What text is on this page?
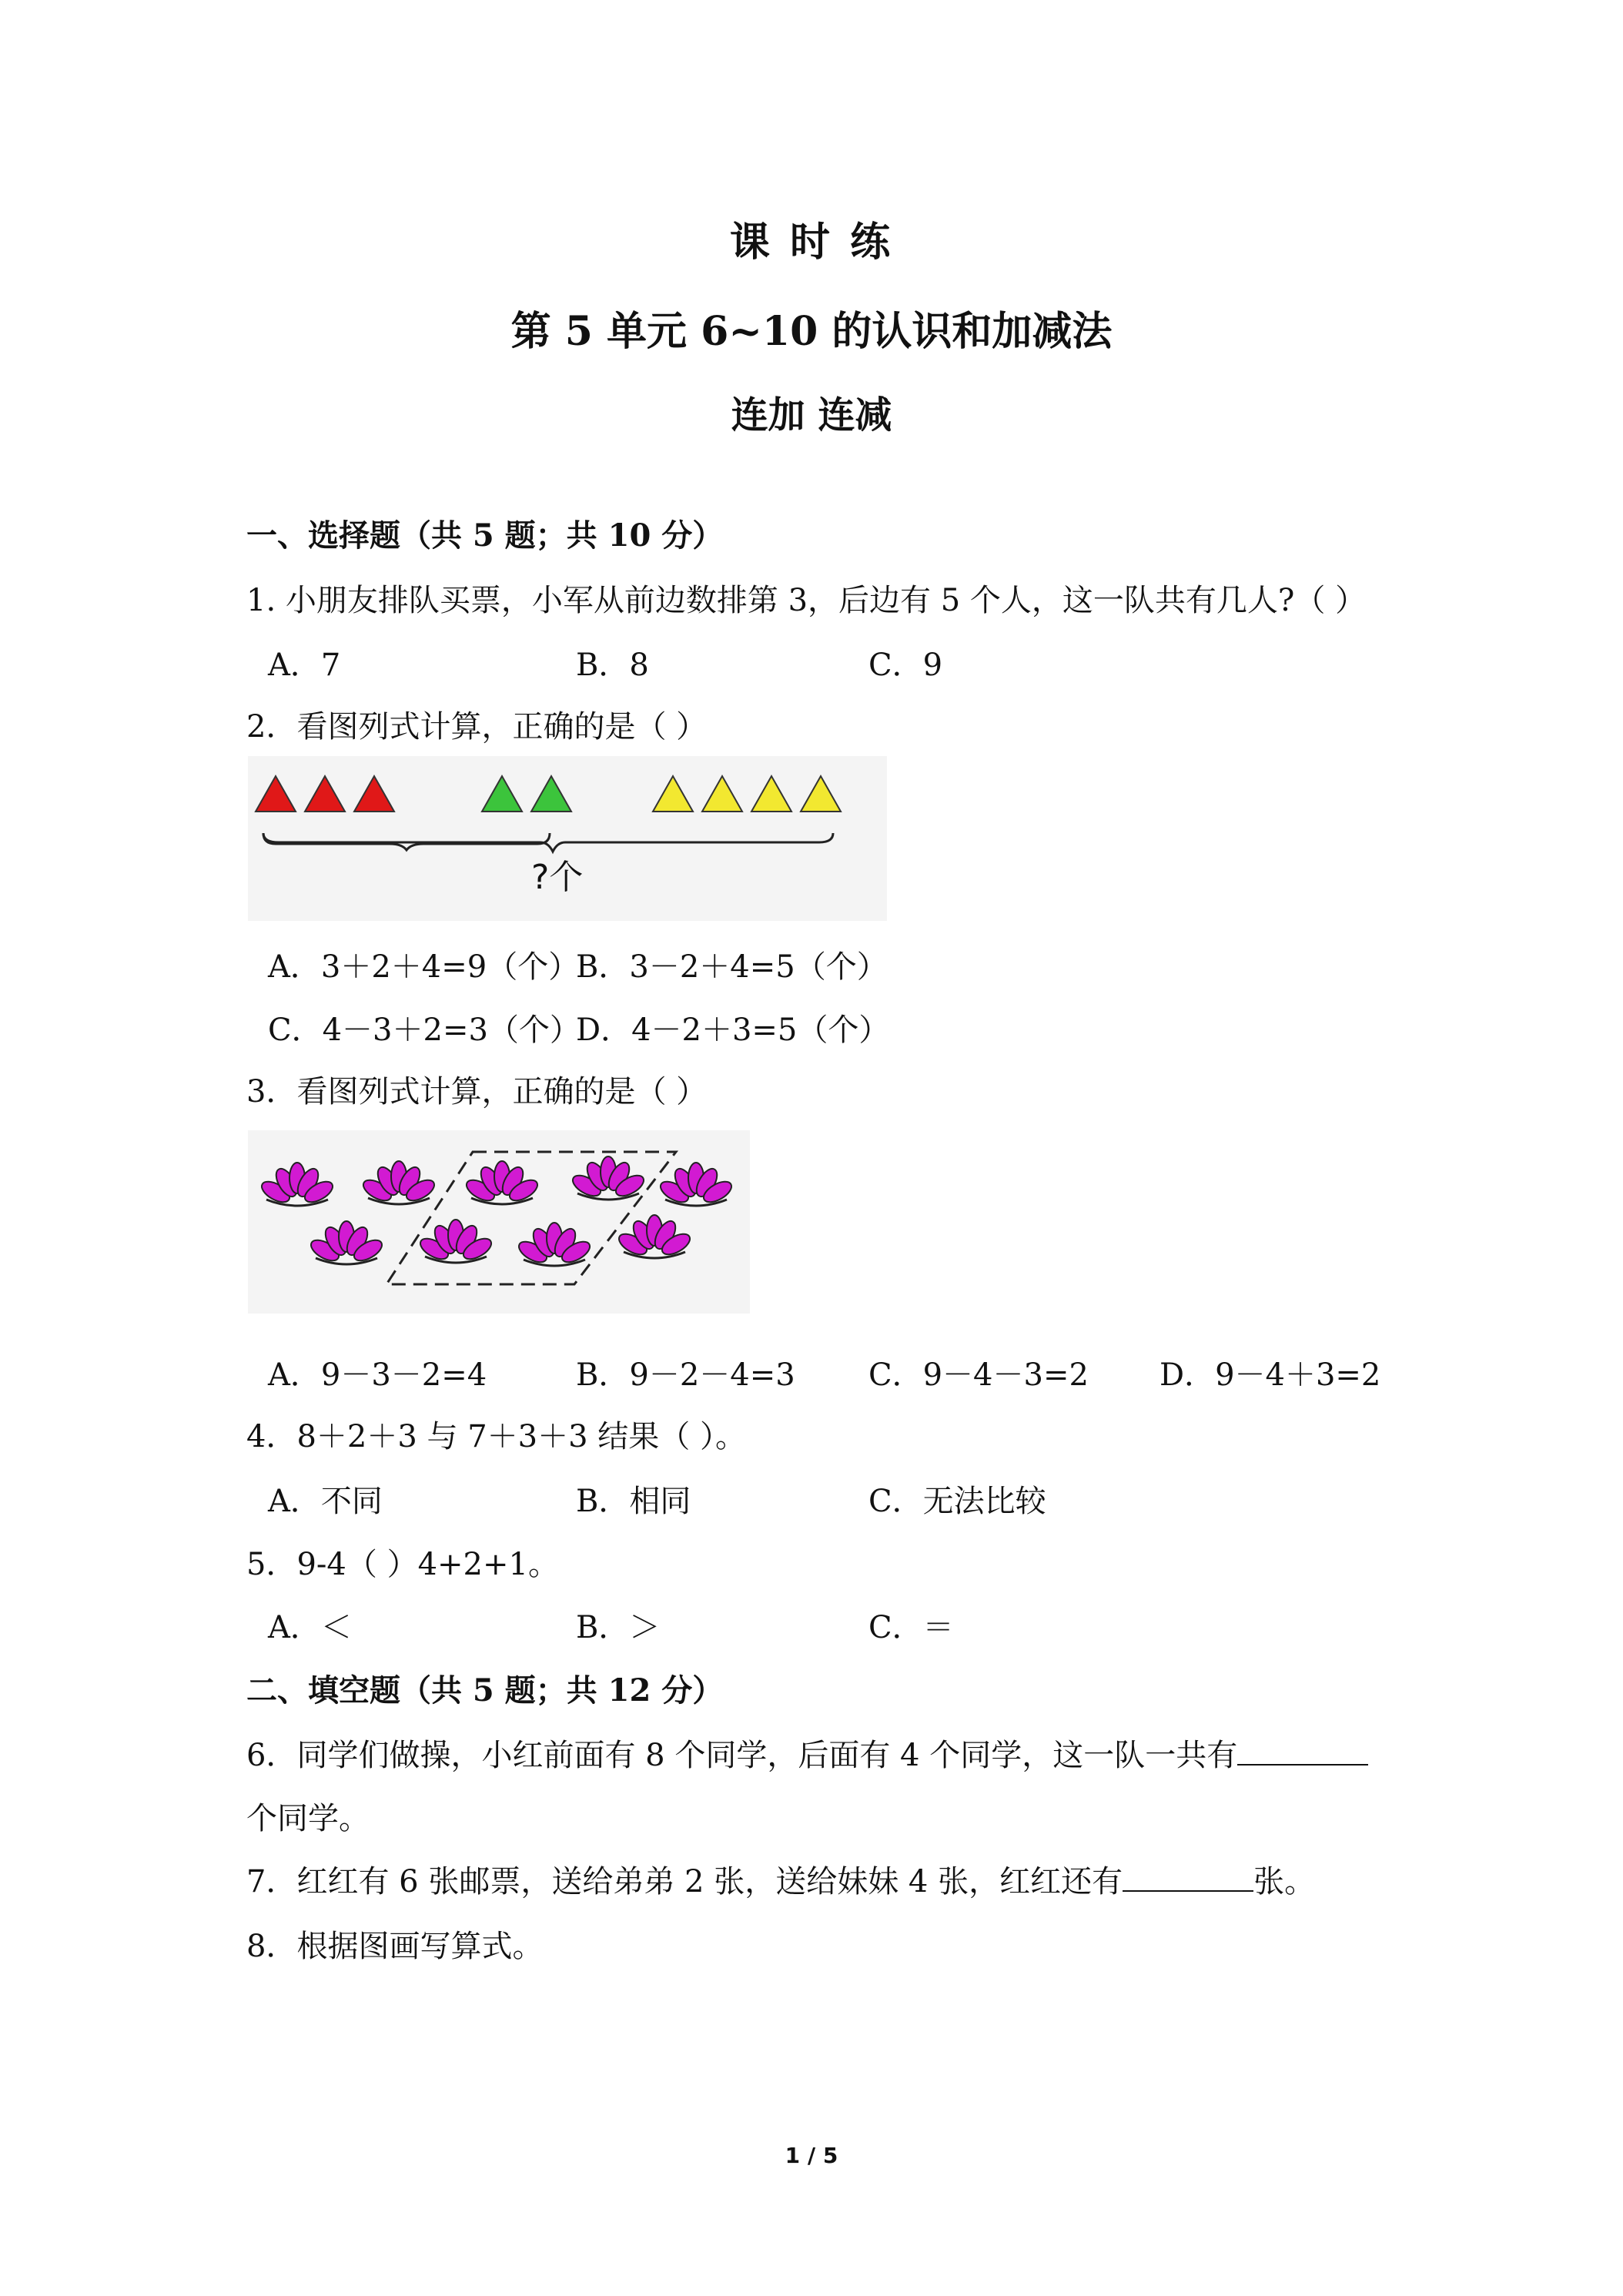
课 时 练
第 5 单元 6~10 的认识和加减法
连加 连减
一、选择题（共 5 题；共 10 分）
1. 小朋友排队买票，小军从前边数排第 3，后边有 5 个人，这一队共有几人?（ ）
A．7	B．8	C．9
2．看图列式计算，正确的是（ ）
?个
A．3＋2＋4=9（个）
B．3－2＋4=5（个）
C．4－3＋2=3（个）
D．4－2＋3=5（个）
3．看图列式计算，正确的是（ ）
A．9－3－2=4	B．9－2－4=3 C．9－4－3=2 D．9－4＋3=2
4．8＋2＋3 与 7＋3＋3 结果（ ）。
A．不同	B．相同	C．无法比较
5．9-4（ ）4+2+1。
A．＜	B．＞	C．＝
二、填空题（共 5 题；共 12 分）
6．同学们做操，小红前面有 8 个同学，后面有 4 个同学，这一队一共有
个同学。
7．红红有 6 张邮票，送给弟弟 2 张，送给妹妹 4 张，红红还有	张。
8．根据图画写算式。
1 / 5
